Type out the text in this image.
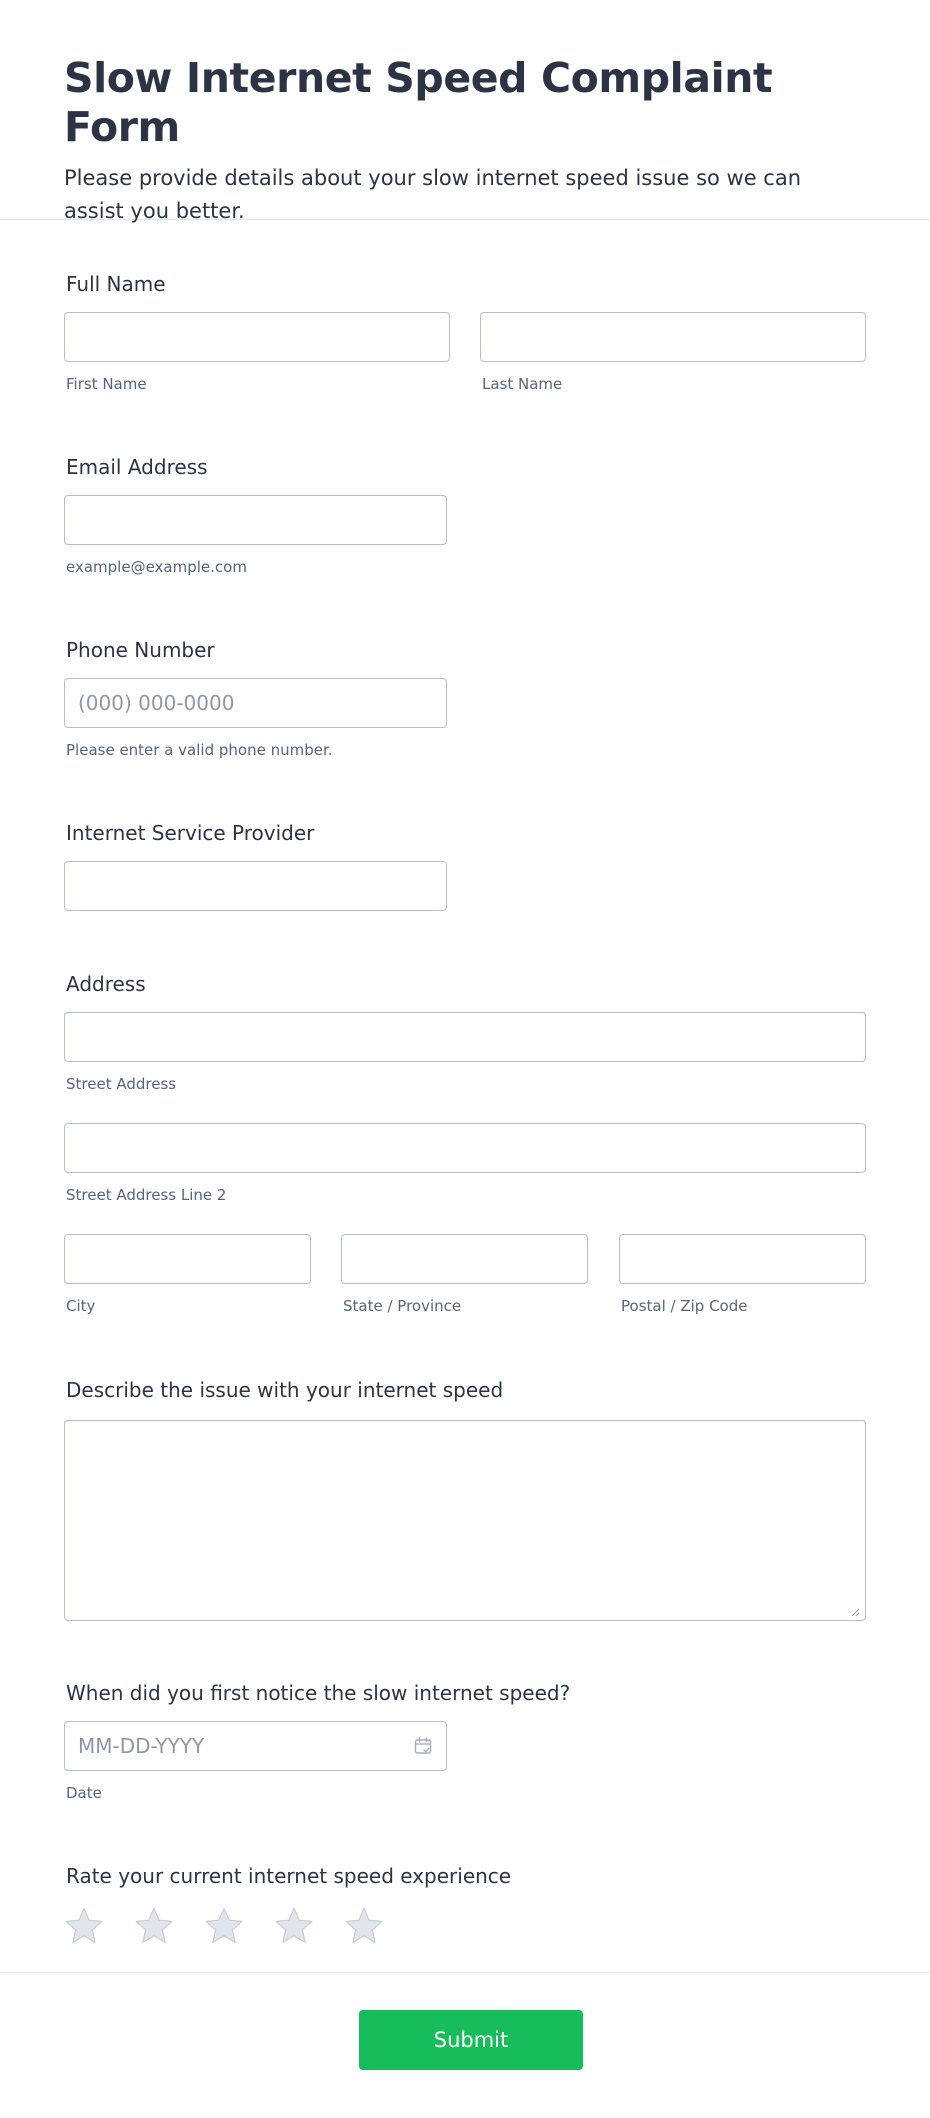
Slow Internet Speed Complaint Form

Please provide details about your slow internet speed issue so we can assist you better.

Full Name
First Name	Last Name
Email Address
example@example.com
Phone Number
(000) 000-0000
Please enter a valid phone number.
Internet Service Provider
Address
Street Address
Street Address Line 2
City	State / Province	Postal / Zip Code
Describe the issue with your internet speed
When did you first notice the slow internet speed?
MM-DD-YYYY
Date
Rate your current internet speed experience
Submit
